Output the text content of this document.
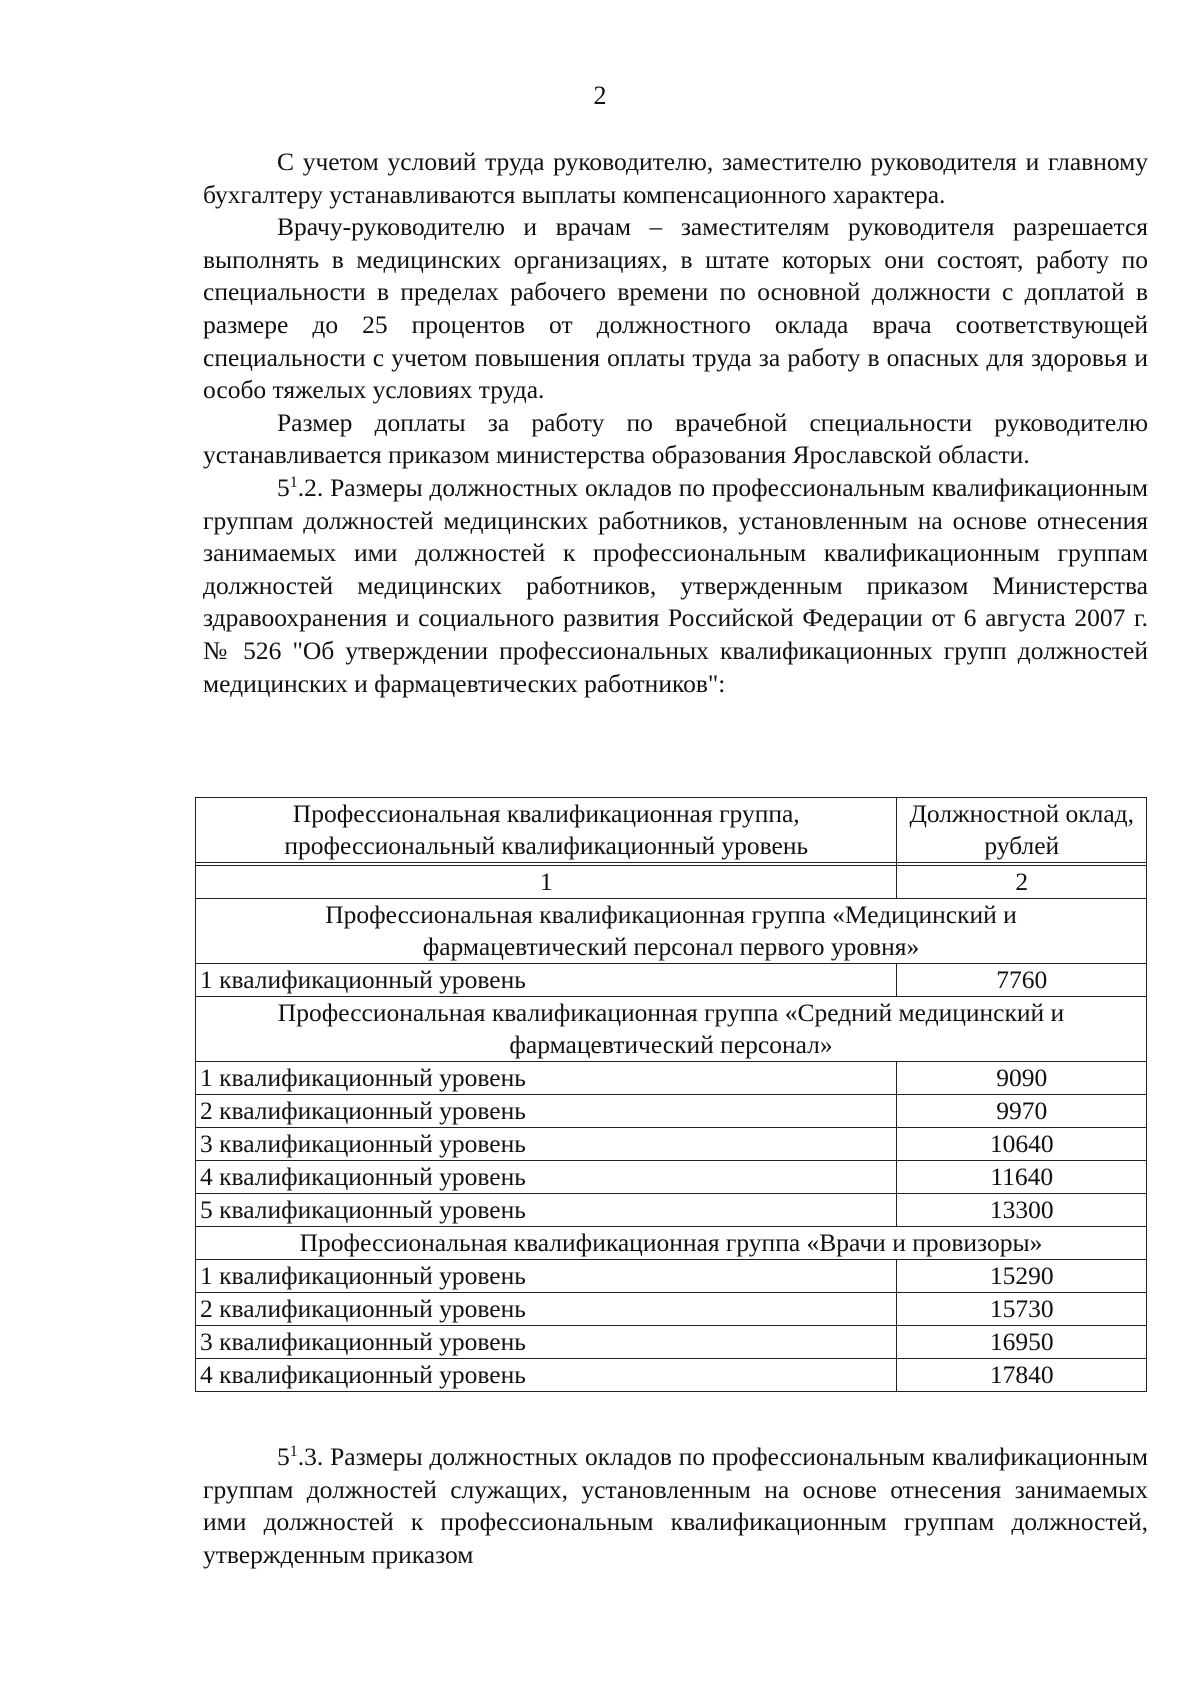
2

С учетом условий труда руководителю, заместителю руководителя и главному бухгалтеру устанавливаются выплаты компенсационного характера.

Врачу-руководителю и врачам – заместителям руководителя разрешается выполнять в медицинских организациях, в штате которых они состоят, работу по специальности в пределах рабочего времени по основной должности с доплатой в размере до 25 процентов от должностного оклада врача соответствующей специальности с учетом повышения оплаты труда за работу в опасных для здоровья и особо тяжелых условиях труда.

Размер доплаты за работу по врачебной специальности руководителю устанавливается приказом министерства образования Ярославской области.

$5^1.2$. Размеры должностных окладов по профессиональным квалификационным группам должностей медицинских работников, установленным на основе отнесения занимаемых ими должностей к профессиональным квалификационным группам должностей медицинских работников, утвержденным приказом Министерства здравоохранения и социального развития Российской Федерации от 6 августа 2007 г. № 526 "Об утверждении профессиональных квалификационных групп должностей медицинских и фармацевтических работников":

Профессиональная квалификационная группа, профессиональный квалификационный уровень	Должностной оклад, рублей

1	2
Профессиональная квалификационная группа «Медицинский и фармацевтический персонал первого уровня»	
1 квалификационный уровень	7760
Профессиональная квалификационная группа «Средний медицинский и фармацевтический персонал»	
1 квалификационный уровень	9090
2 квалификационный уровень	9970
3 квалификационный уровень	10640
4 квалификационный уровень	11640
5 квалификационный уровень	13300
Профессиональная квалификационная группа «Врачи и провизоры»	
1 квалификационный уровень	15290
2 квалификационный уровень	15730
3 квалификационный уровень	16950
4 квалификационный уровень	17840

$5^1.3$. Размеры должностных окладов по профессиональным квалификационным группам должностей служащих, установленным на основе отнесения занимаемых ими должностей к профессиональным квалификационным группам должностей, утвержденным приказом
